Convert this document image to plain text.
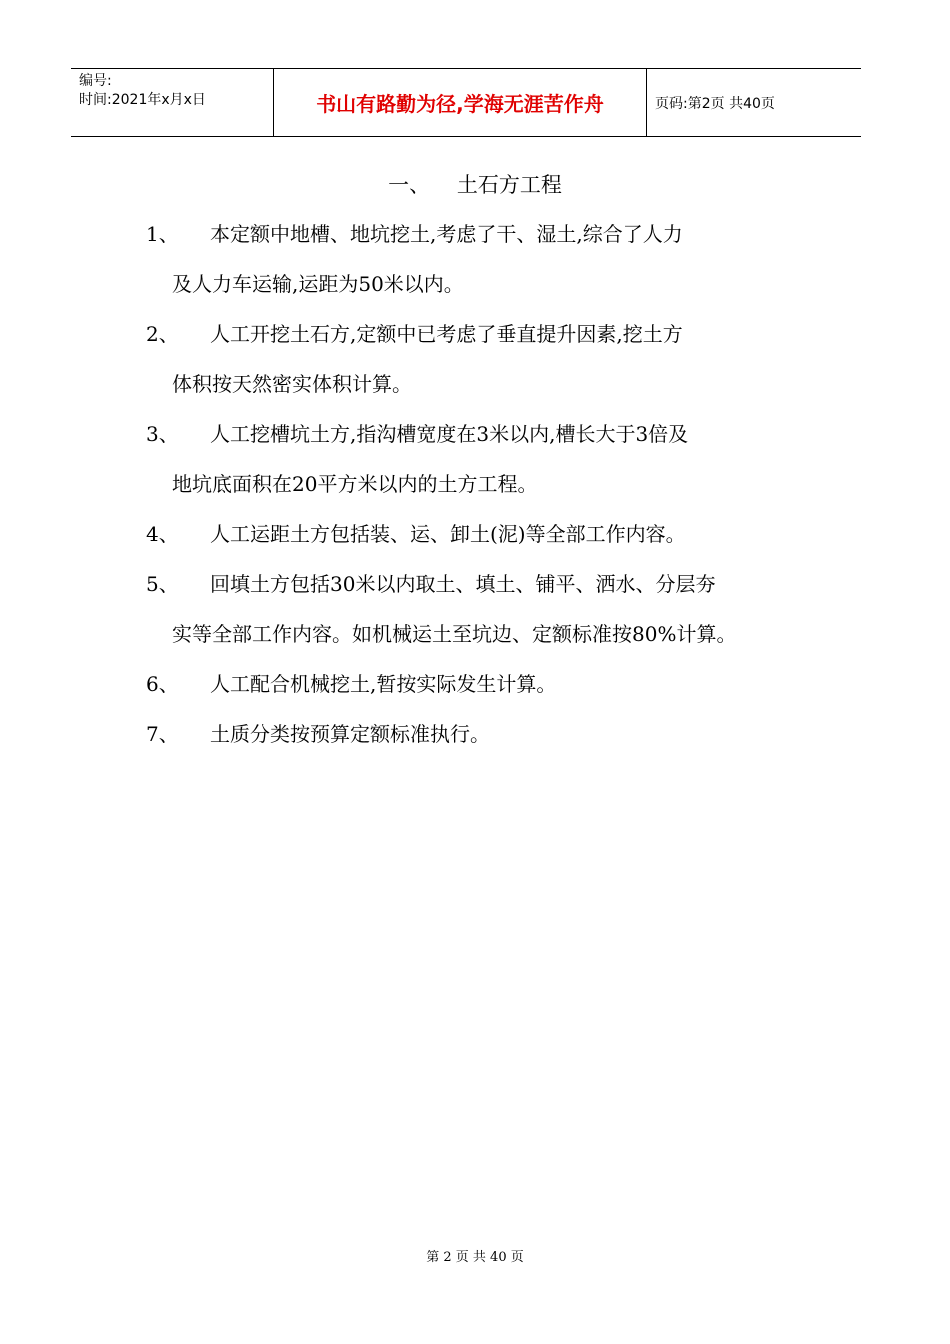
编号:
时间:2021年x月x日	书山有路勤为径,学海无涯苦作舟	页码:第2页 共40页
一、    土石方工程
1、 本定额中地槽、地坑挖土,考虑了干、湿土,综合了人力
及人力车运输,运距为50米以内。
2、 人工开挖土石方,定额中已考虑了垂直提升因素,挖土方
体积按天然密实体积计算。
3、 人工挖槽坑土方,指沟槽宽度在3米以内,槽长大于3倍及
地坑底面积在20平方米以内的土方工程。
4、 人工运距土方包括装、运、卸土(泥)等全部工作内容。
5、 回填土方包括30米以内取土、填土、铺平、洒水、分层夯
实等全部工作内容。如机械运土至坑边、定额标准按80%计算。
6、 人工配合机械挖土,暂按实际发生计算。
7、 土质分类按预算定额标准执行。
第 2 页 共 40 页
